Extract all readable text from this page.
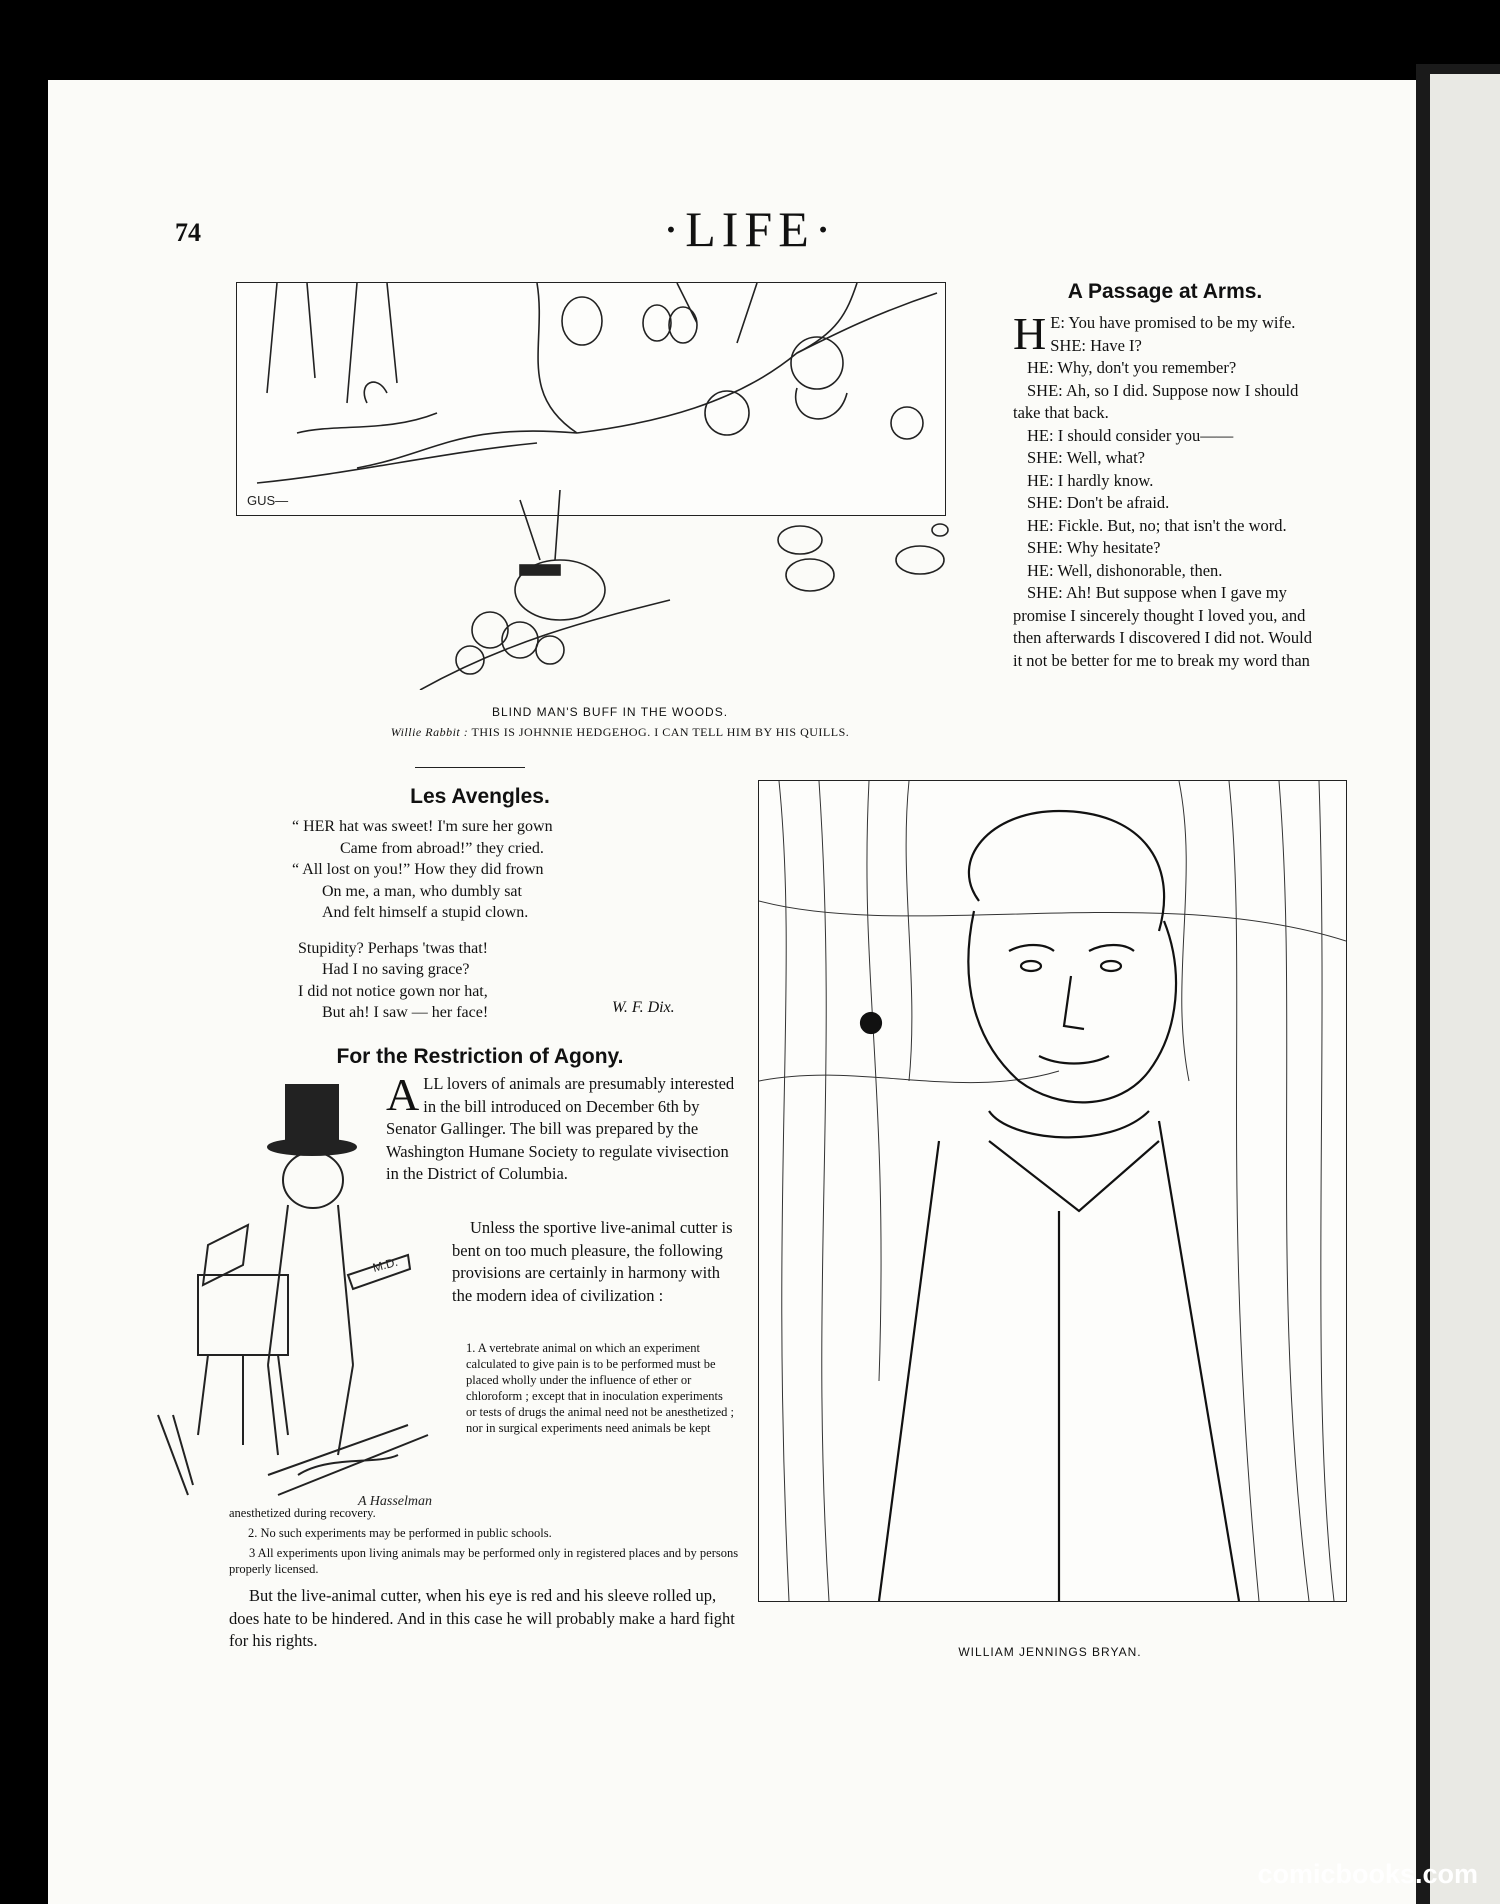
74	·LIFE·
GUS—
BLIND MAN'S BUFF IN THE WOODS.
Willie Rabbit : THIS IS JOHNNIE HEDGEHOG. I CAN TELL HIM BY HIS QUILLS.
A Passage at Arms.
H E: You have promised to be my wife.

SHE: Have I?

HE: Why, don't you remember?

SHE: Ah, so I did. Suppose now I should take that back.

HE: I should consider you——

SHE: Well, what?

HE: I hardly know.

SHE: Don't be afraid.

HE: Fickle. But, no; that isn't the word.

SHE: Why hesitate?

HE: Well, dishonorable, then.

SHE: Ah! But suppose when I gave my promise I sincerely thought I loved you, and then afterwards I discovered I did not. Would it not be better for me to break my word than

Les Avengles.
“ HER hat was sweet! I'm sure her gown
Came from abroad!” they cried.
“ All lost on you!” How they did frown
On me, a man, who dumbly sat
And felt himself a stupid clown.
Stupidity? Perhaps 'twas that!
Had I no saving grace?
I did not notice gown nor hat,
But ah! I saw — her face!	W. F. Dix.
For the Restriction of Agony.
M.D.
A Hasselman
A LL lovers of animals are presumably interested in the bill introduced on December 6th by Senator Gallinger. The bill was prepared by the Washington Humane Society to regulate vivisection in the District of Columbia.

Unless the sportive live-animal cutter is bent on too much pleasure, the following provisions are certainly in harmony with the modern idea of civilization :

1. A vertebrate animal on which an experiment calculated to give pain is to be performed must be placed wholly under the influence of ether or chloroform ; except that in inoculation experiments or tests of drugs the animal need not be anesthetized ; nor in surgical experiments need animals be kept

anesthetized during recovery.
2. No such experiments may be performed in public schools.
3 All experiments upon living animals may be performed only in registered places and by persons properly licensed.
But the live-animal cutter, when his eye is red and his sleeve rolled up, does hate to be hindered. And in this case he will probably make a hard fight for his rights.
WILLIAM JENNINGS BRYAN.
comicbooks.com
